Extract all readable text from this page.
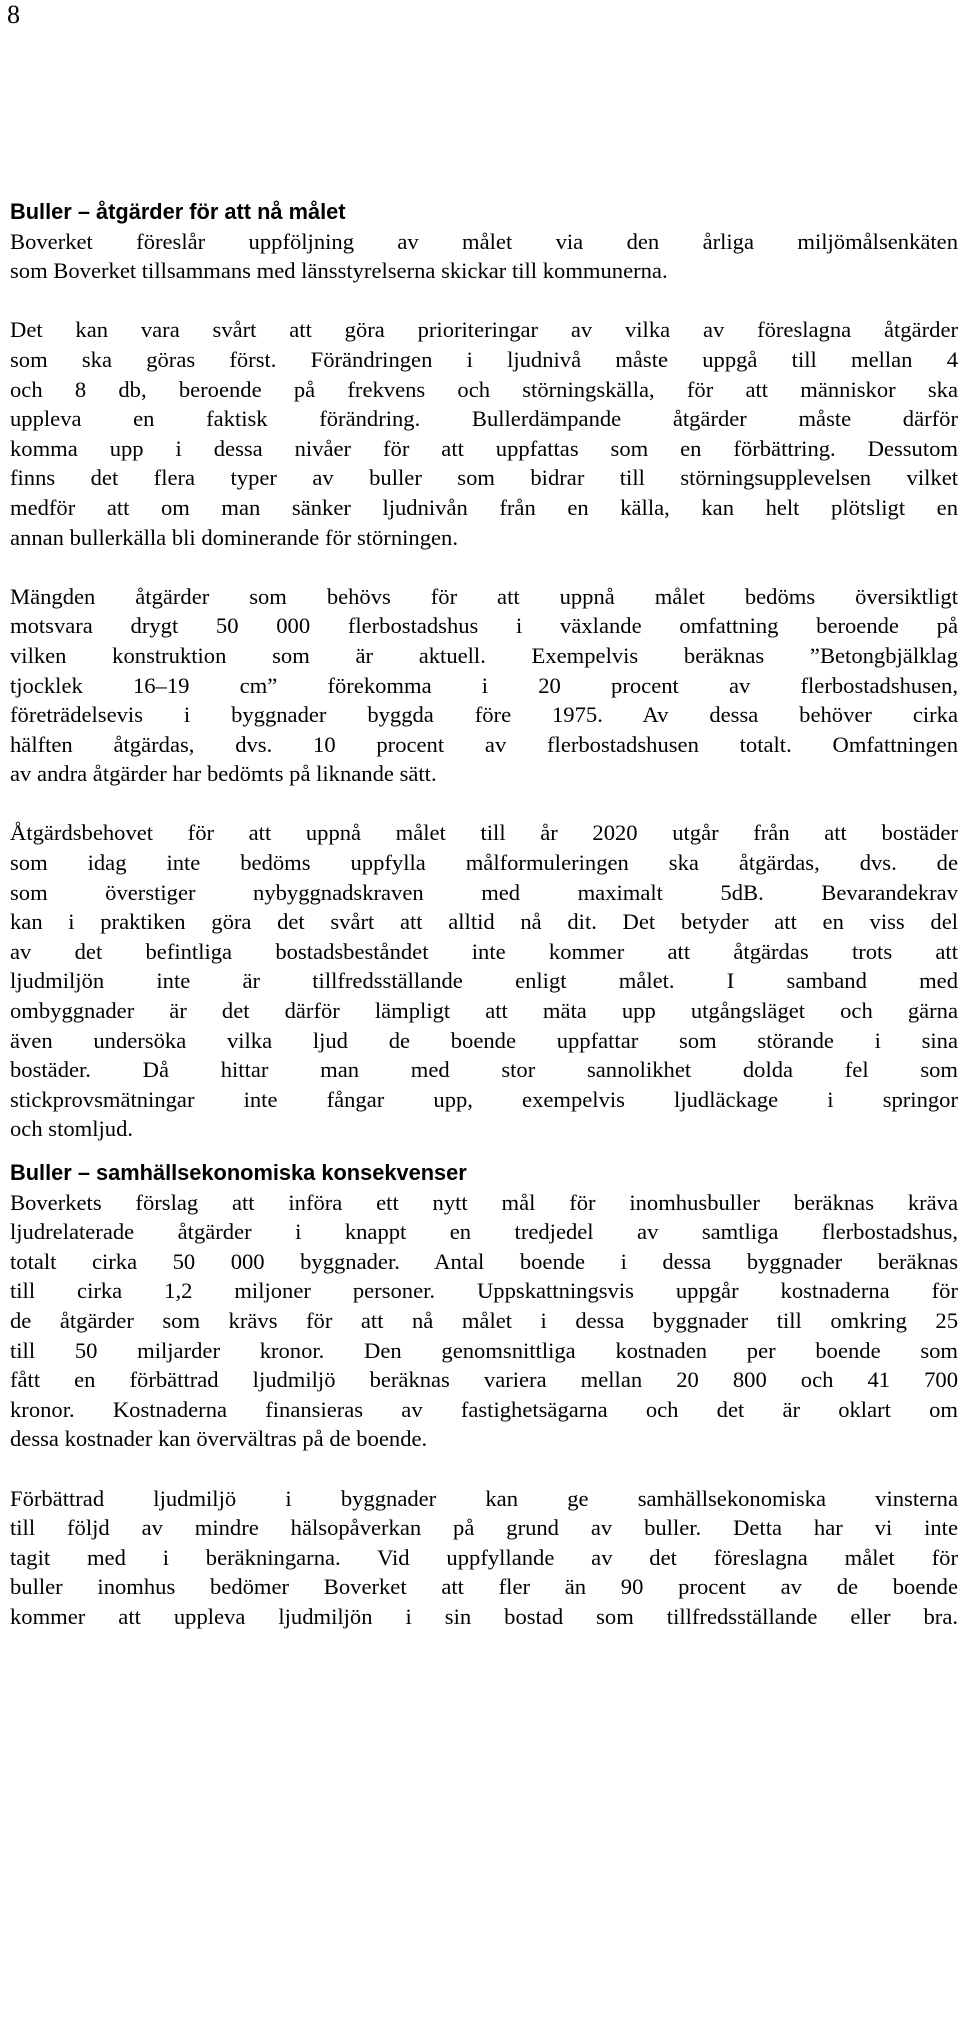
8
Buller – åtgärder för att nå målet
Boverket föreslår uppföljning av målet via den årliga miljömålsenkäten
som Boverket tillsammans med länsstyrelserna skickar till kommunerna.
Det kan vara svårt att göra prioriteringar av vilka av föreslagna åtgärder
som ska göras först. Förändringen i ljudnivå måste uppgå till mellan 4
och 8 db, beroende på frekvens och störningskälla, för att människor ska
uppleva en faktisk förändring. Bullerdämpande åtgärder måste därför
komma upp i dessa nivåer för att uppfattas som en förbättring. Dessutom
finns det flera typer av buller som bidrar till störningsupplevelsen vilket
medför att om man sänker ljudnivån från en källa, kan helt plötsligt en
annan bullerkälla bli dominerande för störningen.
Mängden åtgärder som behövs för att uppnå målet bedöms översiktligt
motsvara drygt 50 000 flerbostadshus i växlande omfattning beroende på
vilken konstruktion som är aktuell. Exempelvis beräknas ”Betongbjälklag
tjocklek 16–19 cm” förekomma i 20 procent av flerbostadshusen,
företrädelsevis i byggnader byggda före 1975. Av dessa behöver cirka
hälften åtgärdas, dvs. 10 procent av flerbostadshusen totalt. Omfattningen
av andra åtgärder har bedömts på liknande sätt.
Åtgärdsbehovet för att uppnå målet till år 2020 utgår från att bostäder
som idag inte bedöms uppfylla målformuleringen ska åtgärdas, dvs. de
som överstiger nybyggnadskraven med maximalt 5dB. Bevarandekrav
kan i praktiken göra det svårt att alltid nå dit. Det betyder att en viss del
av det befintliga bostadsbeståndet inte kommer att åtgärdas trots att
ljudmiljön inte är tillfredsställande enligt målet. I samband med
ombyggnader är det därför lämpligt att mäta upp utgångsläget och gärna
även undersöka vilka ljud de boende uppfattar som störande i sina
bostäder. Då hittar man med stor sannolikhet dolda fel som
stickprovsmätningar inte fångar upp, exempelvis ljudläckage i springor
och stomljud.
Buller – samhällsekonomiska konsekvenser
Boverkets förslag att införa ett nytt mål för inomhusbuller beräknas kräva
ljudrelaterade åtgärder i knappt en tredjedel av samtliga flerbostadshus,
totalt cirka 50 000 byggnader. Antal boende i dessa byggnader beräknas
till cirka 1,2 miljoner personer. Uppskattningsvis uppgår kostnaderna för
de åtgärder som krävs för att nå målet i dessa byggnader till omkring 25
till 50 miljarder kronor. Den genomsnittliga kostnaden per boende som
fått en förbättrad ljudmiljö beräknas variera mellan 20 800 och 41 700
kronor. Kostnaderna finansieras av fastighetsägarna och det är oklart om
dessa kostnader kan övervältras på de boende.
Förbättrad ljudmiljö i byggnader kan ge samhällsekonomiska vinsterna
till följd av mindre hälsopåverkan på grund av buller. Detta har vi inte
tagit med i beräkningarna. Vid uppfyllande av det föreslagna målet för
buller inomhus bedömer Boverket att fler än 90 procent av de boende
kommer att uppleva ljudmiljön i sin bostad som tillfredsställande eller bra.
